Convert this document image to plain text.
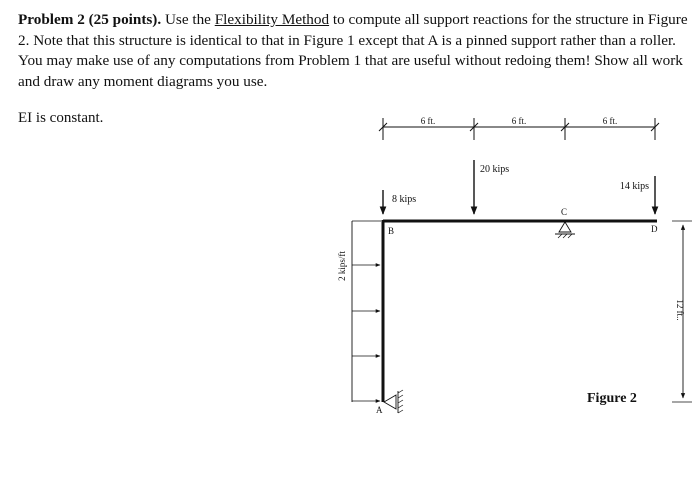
Problem 2 (25 points). Use the Flexibility Method to compute all support reactions for the structure in Figure 2. Note that this structure is identical to that in Figure 1 except that A is a pinned support rather than a roller. You may make use of any computations from Problem 1 that are useful without redoing them! Show all work and draw any moment diagrams you use.

EI is constant.	6 ft.	6 ft.	6 ft.
20 kips
14 kips
8 kips
2 kips/ft
12 ft..
B
C
D
A
Figure 2
